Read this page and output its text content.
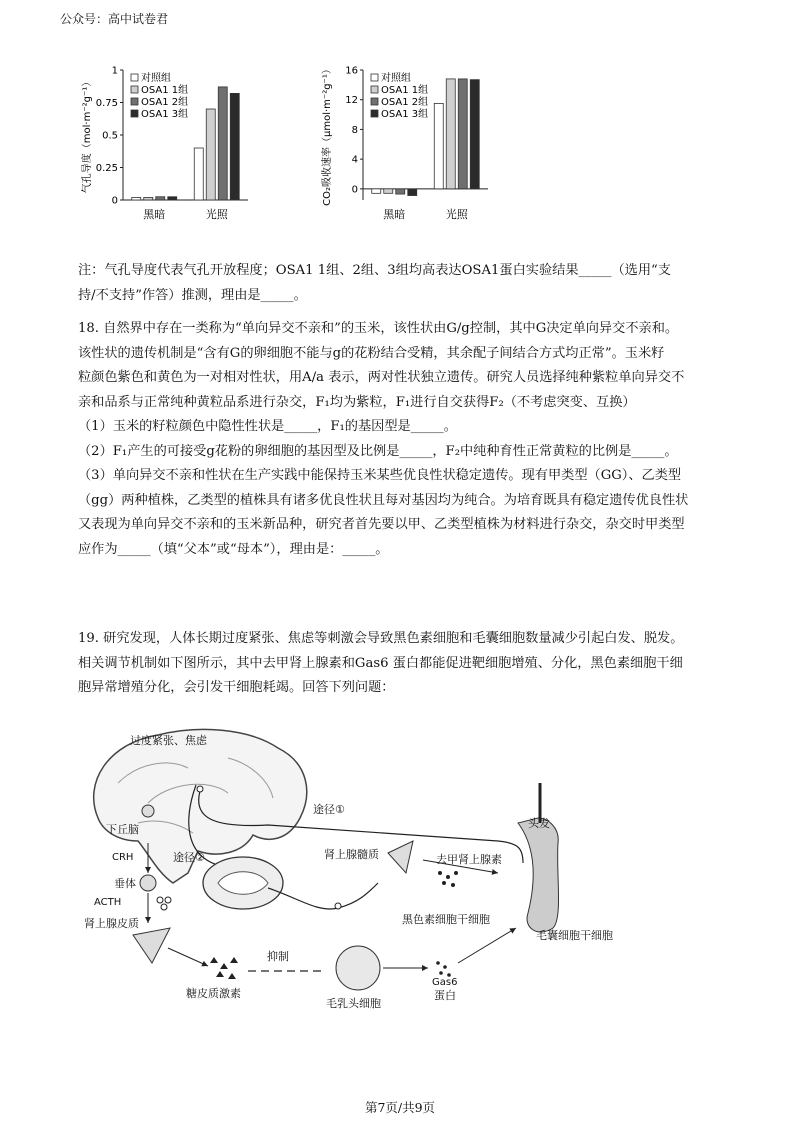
公众号：高中试卷君
气孔导度（mol·m⁻²g⁻¹）
0
0.25
0.5
0.75
1
黑暗	光照
对照组
OSA1 1组
OSA1 2组
OSA1 3组	CO₂吸收速率（μmol·m⁻²g⁻¹） 0
4
8
12
16
黑暗	光照
对照组
OSA1 1组
OSA1 2组
OSA1 3组
注：气孔导度代表气孔开放程度；OSA1 1组、2组、3组均高表达OSA1蛋白实验结果_____（选用“支
持/不支持”作答）推测，理由是_____。
18. 自然界中存在一类称为“单向异交不亲和”的玉米，该性状由G/g控制，其中G决定单向异交不亲和。
该性状的遗传机制是“含有G的卵细胞不能与g的花粉结合受精，其余配子间结合方式均正常”。玉米籽
粒颜色紫色和黄色为一对相对性状，用A/a 表示，两对性状独立遗传。研究人员选择纯种紫粒单向异交不
亲和品系与正常纯种黄粒品系进行杂交，F₁均为紫粒，F₁进行自交获得F₂（不考虑突变、互换）
（1）玉米的籽粒颜色中隐性性状是_____，F₁的基因型是_____。
（2）F₁产生的可接受g花粉的卵细胞的基因型及比例是_____，F₂中纯种育性正常黄粒的比例是_____。
（3）单向异交不亲和性状在生产实践中能保持玉米某些优良性状稳定遗传。现有甲类型（GG）、乙类型
（gg）两种植株，乙类型的植株具有诸多优良性状且每对基因均为纯合。为培育既具有稳定遗传优良性状
又表现为单向异交不亲和的玉米新品种，研究者首先要以甲、乙类型植株为材料进行杂交，杂交时甲类型
应作为_____（填“父本”或“母本”），理由是：_____。
19. 研究发现，人体长期过度紧张、焦虑等刺激会导致黑色素细胞和毛囊细胞数量减少引起白发、脱发。
相关调节机制如下图所示，其中去甲肾上腺素和Gas6 蛋白都能促进靶细胞增殖、分化，黑色素细胞干细
胞异常增殖分化，会引发干细胞耗竭。回答下列问题：
过度紧张、焦虑
途径①
途径②
下丘脑
CRH
垂体
ACTH
肾上腺皮质
肾上腺髓质	去甲肾上腺素
头发
黑色素细胞干细胞
毛囊细胞干细胞
抑制
糖皮质激素
毛乳头细胞
Gas6
蛋白
第7页/共9页
